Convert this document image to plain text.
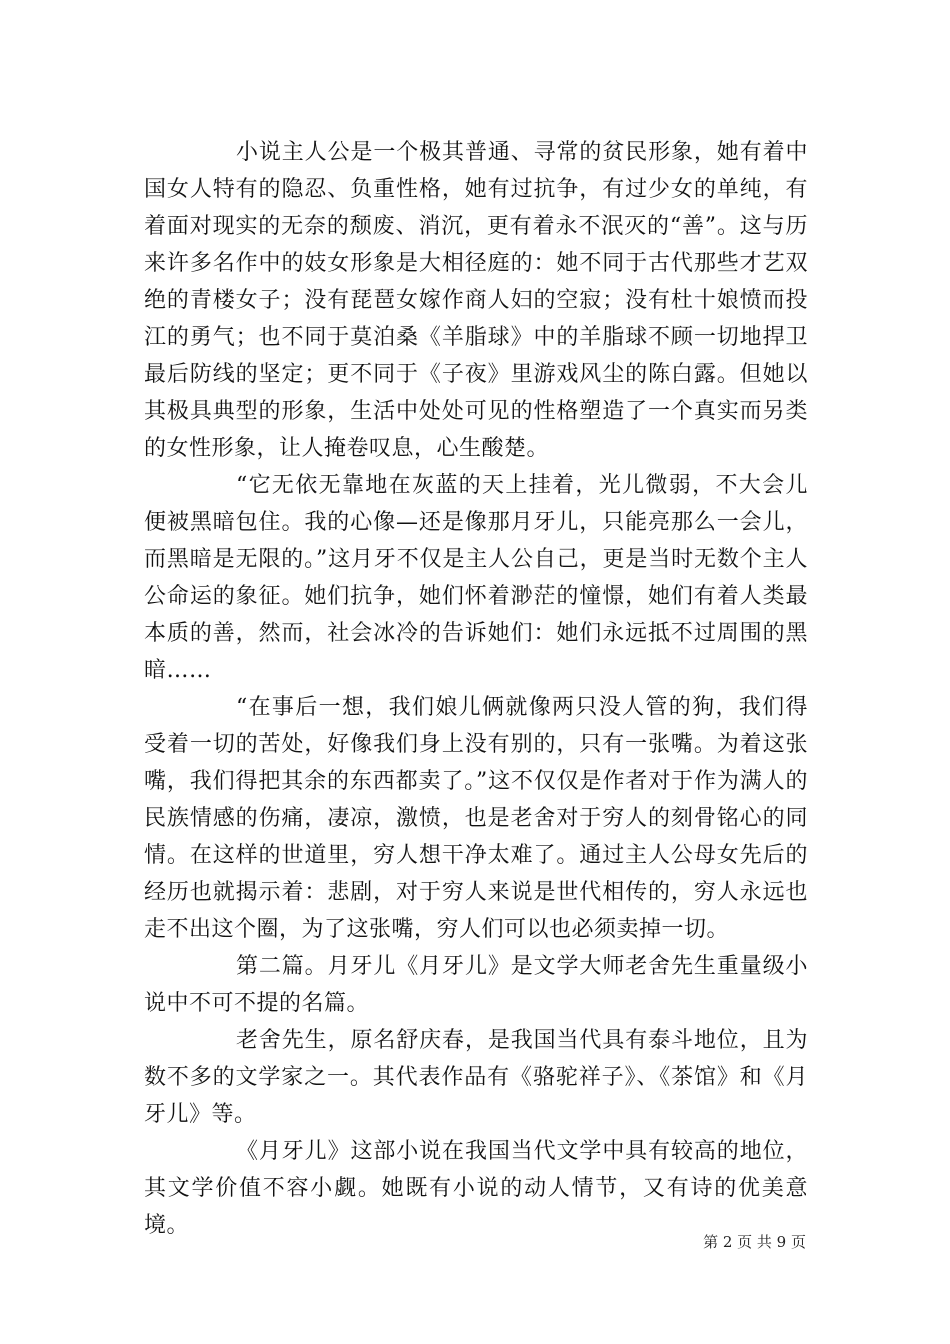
小说主人公是一个极其普通、寻常的贫民形象，她有着中国女人特有的隐忍、负重性格，她有过抗争，有过少女的单纯，有着面对现实的无奈的颓废、消沉，更有着永不泯灭的“善”。这与历来许多名作中的妓女形象是大相径庭的：她不同于古代那些才艺双绝的青楼女子；没有琵琶女嫁作商人妇的空寂；没有杜十娘愤而投江的勇气；也不同于莫泊桑《羊脂球》中的羊脂球不顾一切地捍卫最后防线的坚定；更不同于《子夜》里游戏风尘的陈白露。但她以其极具典型的形象，生活中处处可见的性格塑造了一个真实而另类的女性形象，让人掩卷叹息，心生酸楚。

“它无依无靠地在灰蓝的天上挂着，光儿微弱，不大会儿便被黑暗包住。我的心像—还是像那月牙儿，只能亮那么一会儿，而黑暗是无限的。”这月牙不仅是主人公自己，更是当时无数个主人公命运的象征。她们抗争，她们怀着渺茫的憧憬，她们有着人类最本质的善，然而，社会冰冷的告诉她们：她们永远抵不过周围的黑暗……

“在事后一想，我们娘儿俩就像两只没人管的狗，我们得受着一切的苦处，好像我们身上没有别的，只有一张嘴。为着这张嘴，我们得把其余的东西都卖了。”这不仅仅是作者对于作为满人的民族情感的伤痛，凄凉，激愤，也是老舍对于穷人的刻骨铭心的同情。在这样的世道里，穷人想干净太难了。通过主人公母女先后的经历也就揭示着：悲剧，对于穷人来说是世代相传的，穷人永远也走不出这个圈，为了这张嘴，穷人们可以也必须卖掉一切。

第二篇。月牙儿《月牙儿》是文学大师老舍先生重量级小说中不可不提的名篇。

老舍先生，原名舒庆春，是我国当代具有泰斗地位，且为数不多的文学家之一。其代表作品有《骆驼祥子》、《茶馆》和《月牙儿》等。

《月牙儿》这部小说在我国当代文学中具有较高的地位，其文学价值不容小觑。她既有小说的动人情节，又有诗的优美意境。

第 2 页 共 9 页
